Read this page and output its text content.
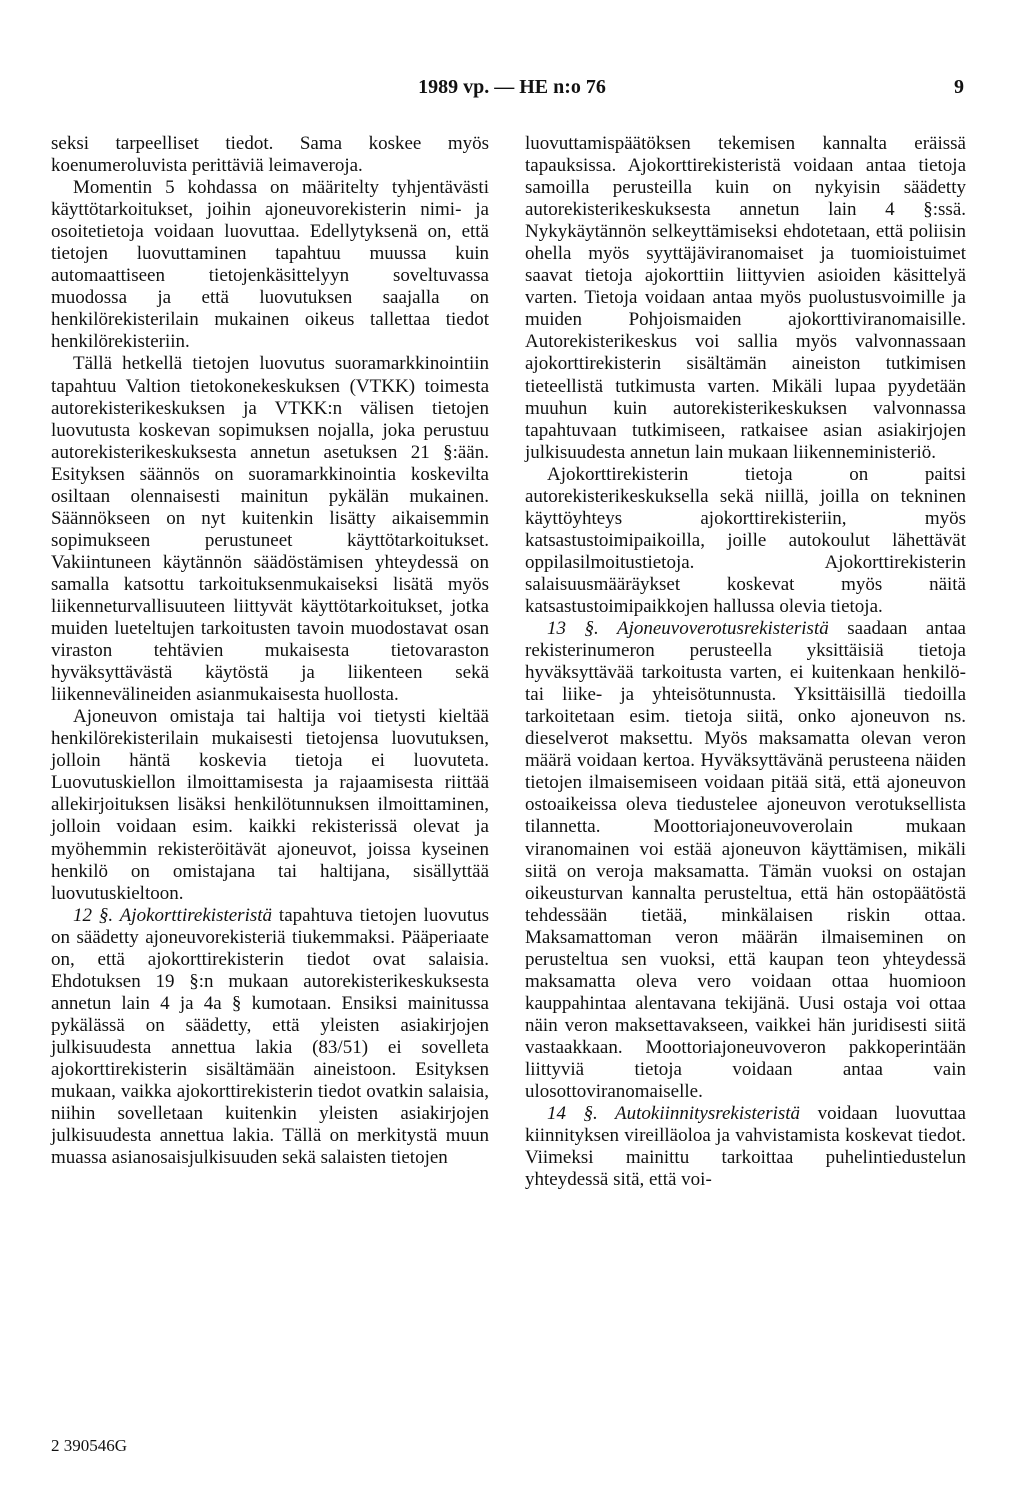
1989 vp. — HE n:o 76	9

seksi tarpeelliset tiedot. Sama koskee myös koenumeroluvista perittäviä leimaveroja.

Momentin 5 kohdassa on määritelty tyhjentävästi käyttötarkoitukset, joihin ajoneuvorekisterin nimi- ja osoitetietoja voidaan luovuttaa. Edellytyksenä on, että tietojen luovuttaminen tapahtuu muussa kuin automaattiseen tietojenkäsittelyyn soveltuvassa muodossa ja että luovutuksen saajalla on henkilörekisterilain mukainen oikeus tallettaa tiedot henkilörekisteriin.

Tällä hetkellä tietojen luovutus suoramarkkinointiin tapahtuu Valtion tietokonekeskuksen (VTKK) toimesta autorekisterikeskuksen ja VTKK:n välisen tietojen luovutusta koskevan sopimuksen nojalla, joka perustuu autorekisterikeskuksesta annetun asetuksen 21 §:ään. Esityksen säännös on suoramarkkinointia koskevilta osiltaan olennaisesti mainitun pykälän mukainen. Säännökseen on nyt kuitenkin lisätty aikaisemmin sopimukseen perustuneet käyttötarkoitukset. Vakiintuneen käytännön säädöstämisen yhteydessä on samalla katsottu tarkoituksenmukaiseksi lisätä myös liikenneturvallisuuteen liittyvät käyttötarkoitukset, jotka muiden lueteltujen tarkoitusten tavoin muodostavat osan viraston tehtävien mukaisesta tietovaraston hyväksyttävästä käytöstä ja liikenteen sekä liikennevälineiden asianmukaisesta huollosta.

Ajoneuvon omistaja tai haltija voi tietysti kieltää henkilörekisterilain mukaisesti tietojensa luovutuksen, jolloin häntä koskevia tietoja ei luovuteta. Luovutuskiellon ilmoittamisesta ja rajaamisesta riittää allekirjoituksen lisäksi henkilötunnuksen ilmoittaminen, jolloin voidaan esim. kaikki rekisterissä olevat ja myöhemmin rekisteröitävät ajoneuvot, joissa kyseinen henkilö on omistajana tai haltijana, sisällyttää luovutuskieltoon.

12 §. Ajokorttirekisteristä tapahtuva tietojen luovutus on säädetty ajoneuvorekisteriä tiukemmaksi. Pääperiaate on, että ajokorttirekisterin tiedot ovat salaisia. Ehdotuksen 19 §:n mukaan autorekisterikeskuksesta annetun lain 4 ja 4a § kumotaan. Ensiksi mainitussa pykälässä on säädetty, että yleisten asiakirjojen julkisuudesta annettua lakia (83/51) ei sovelleta ajokorttirekisterin sisältämään aineistoon. Esityksen mukaan, vaikka ajokorttirekisterin tiedot ovatkin salaisia, niihin sovelletaan kuitenkin yleisten asiakirjojen julkisuudesta annettua lakia. Tällä on merkitystä muun muassa asianosaisjulkisuuden sekä salaisten tietojen

luovuttamispäätöksen tekemisen kannalta eräissä tapauksissa. Ajokorttirekisteristä voidaan antaa tietoja samoilla perusteilla kuin on nykyisin säädetty autorekisterikeskuksesta annetun lain 4 §:ssä. Nykykäytännön selkeyttämiseksi ehdotetaan, että poliisin ohella myös syyttäjäviranomaiset ja tuomioistuimet saavat tietoja ajokorttiin liittyvien asioiden käsittelyä varten. Tietoja voidaan antaa myös puolustusvoimille ja muiden Pohjoismaiden ajokorttiviranomaisille. Autorekisterikeskus voi sallia myös valvonnassaan ajokorttirekisterin sisältämän aineiston tutkimisen tieteellistä tutkimusta varten. Mikäli lupaa pyydetään muuhun kuin autorekisterikeskuksen valvonnassa tapahtuvaan tutkimiseen, ratkaisee asian asiakirjojen julkisuudesta annetun lain mukaan liikenneministeriö.

Ajokorttirekisterin tietoja on paitsi autorekisterikeskuksella sekä niillä, joilla on tekninen käyttöyhteys ajokorttirekisteriin, myös katsastustoimipaikoilla, joille autokoulut lähettävät oppilasilmoitustietoja. Ajokorttirekisterin salaisuusmääräykset koskevat myös näitä katsastustoimipaikkojen hallussa olevia tietoja.

13 §. Ajoneuvoverotusrekisteristä saadaan antaa rekisterinumeron perusteella yksittäisiä tietoja hyväksyttävää tarkoitusta varten, ei kuitenkaan henkilö- tai liike- ja yhteisötunnusta. Yksittäisillä tiedoilla tarkoitetaan esim. tietoja siitä, onko ajoneuvon ns. dieselverot maksettu. Myös maksamatta olevan veron määrä voidaan kertoa. Hyväksyttävänä perusteena näiden tietojen ilmaisemiseen voidaan pitää sitä, että ajoneuvon ostoaikeissa oleva tiedustelee ajoneuvon verotuksellista tilannetta. Moottoriajoneuvoverolain mukaan viranomainen voi estää ajoneuvon käyttämisen, mikäli siitä on veroja maksamatta. Tämän vuoksi on ostajan oikeusturvan kannalta perusteltua, että hän ostopäätöstä tehdessään tietää, minkälaisen riskin ottaa. Maksamattoman veron määrän ilmaiseminen on perusteltua sen vuoksi, että kaupan teon yhteydessä maksamatta oleva vero voidaan ottaa huomioon kauppahintaa alentavana tekijänä. Uusi ostaja voi ottaa näin veron maksettavakseen, vaikkei hän juridisesti siitä vastaakkaan. Moottoriajoneuvoveron pakkoperintään liittyviä tietoja voidaan antaa vain ulosottoviranomaiselle.

14 §. Autokiinnitysrekisteristä voidaan luovuttaa kiinnityksen vireilläoloa ja vahvistamista koskevat tiedot. Viimeksi mainittu tarkoittaa puhelintiedustelun yhteydessä sitä, että voi-

2 390546G
